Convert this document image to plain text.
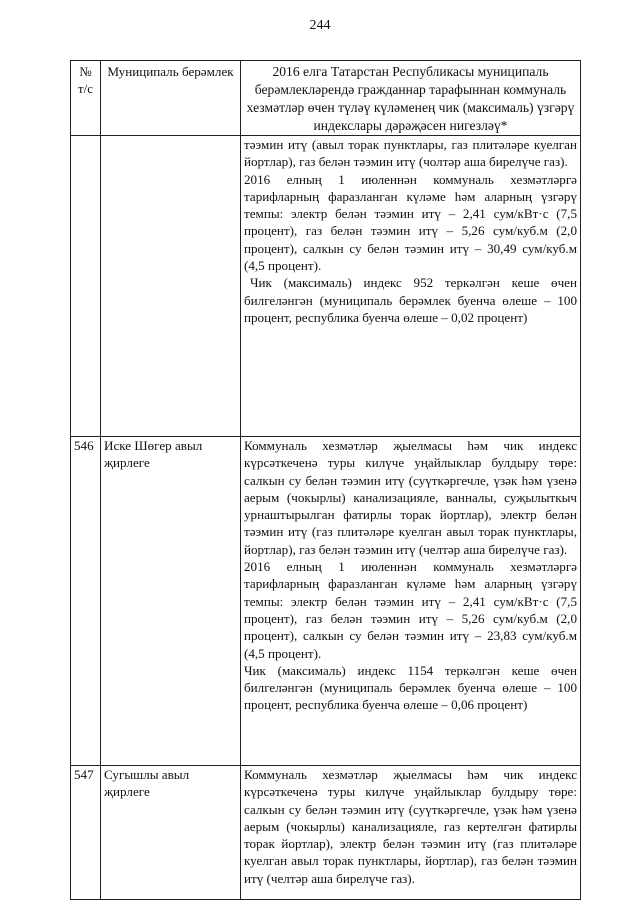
244
№ т/с	Муниципаль берәмлек	2016 елга Татарстан Республикасы муниципаль берәмлекләрендә гражданнар тарафыннан коммуналь хезмәтләр өчен түләү күләменең чик (максималь) үзгәрү индекслары дәрәҗәсен нигезләү*

		тәэмин итү (авыл торак пунктлары, газ плитәләре куелган йортлар), газ белән тәэмин итү (чолтәр аша бирелүче газ).

2016 елның 1 июленнән коммуналь хезмәтләргә тарифларның фаразланган күләме һәм аларның үзгәрү темпы: электр белән тәэмин итү – 2,41 сум/кВт·с (7,5 процент), газ белән тәэмин итү – 5,26 сум/куб.м (2,0 процент), салкын су белән тәэмин итү – 30,49 сум/куб.м (4,5 процент).

Чик (максималь) индекс 952 теркәлгән кеше өчен билгеләнгән (муниципаль берәмлек буенча өлеше – 100 процент, республика буенча өлеше – 0,02 процент)

546	Иске Шөгер авыл җирлеге	Коммуналь хезмәтләр җыелмасы һәм чик индекс күрсәткеченә туры килүче уңайлыклар булдыру төре: салкын су белән тәэмин итү (суүткәргечле, үзәк һәм үзенә аерым (чокырлы) канализацияле, ванналы, суҗылыткыч урнаштырылган фатирлы торак йортлар), электр белән тәэмин итү (газ плитәләре куелган авыл торак пунктлары, йортлар), газ белән тәэмин итү (челтәр аша бирелүче газ).

2016 елның 1 июленнән коммуналь хезмәтләргә тарифларның фаразланган күләме һәм аларның үзгәрү темпы: электр белән тәэмин итү – 2,41 сум/кВт·с (7,5 процент), газ белән тәэмин итү – 5,26 сум/куб.м (2,0 процент), салкын су белән тәэмин итү – 23,83 сум/куб.м (4,5 процент).

Чик (максималь) индекс 1154 теркәлгән кеше өчен билгеләнгән (муниципаль берәмлек буенча өлеше – 100 процент, республика буенча өлеше – 0,06 процент)

547	Сугышлы авыл җирлеге	Коммуналь хезмәтләр җыелмасы һәм чик индекс күрсәткеченә туры килүче уңайлыклар булдыру төре: салкын су белән тәэмин итү (суүткәргечле, үзәк һәм үзенә аерым (чокырлы) канализацияле, газ кертелгән фатирлы торак йортлар), электр белән тәэмин итү (газ плитәләре куелган авыл торак пунктлары, йортлар), газ белән тәэмин итү (челтәр аша бирелүче газ).
